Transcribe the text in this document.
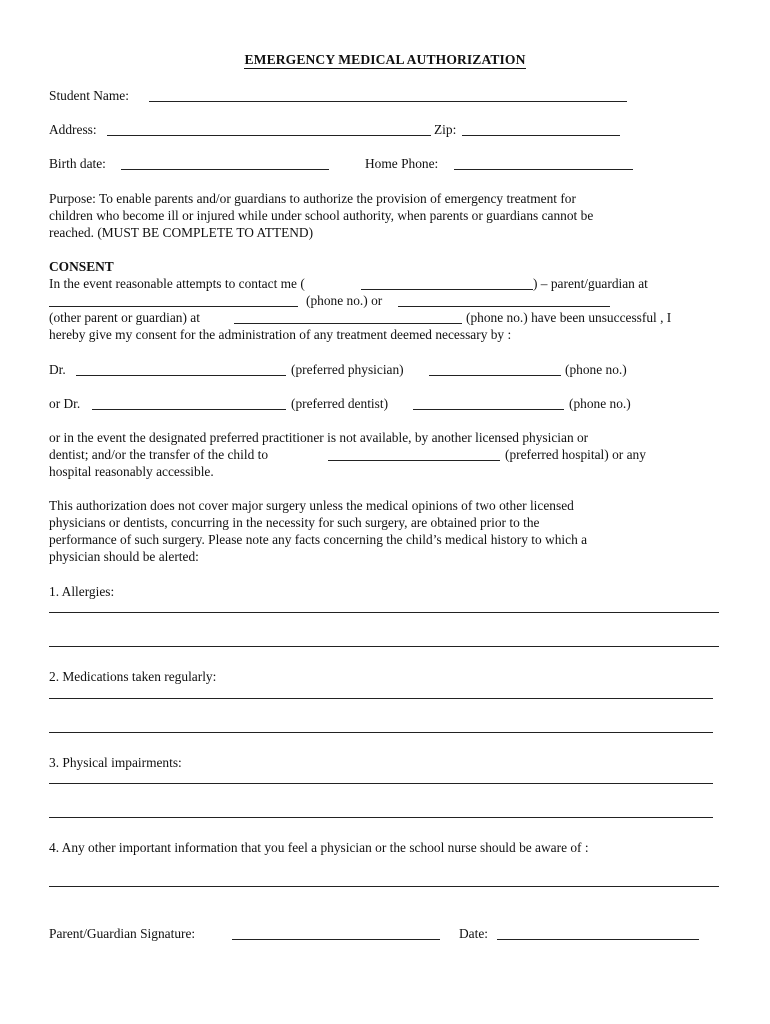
EMERGENCY MEDICAL AUTHORIZATION
Student Name:
Address:	Zip:
Birth date:	Home Phone:
Purpose: To enable parents and/or guardians to authorize the provision of emergency treatment for
children who become ill or injured while under school authority, when parents or guardians cannot be
reached. (MUST BE COMPLETE TO ATTEND)
CONSENT
In the event reasonable attempts to contact me (	) – parent/guardian at
(phone no.) or
(other parent or guardian) at	(phone no.) have been unsuccessful , I
hereby give my consent for the administration of any treatment deemed necessary by :
Dr.	(preferred physician)	(phone no.)
or Dr.	(preferred dentist)	(phone no.)
or in the event the designated preferred practitioner is not available, by another licensed physician or
dentist; and/or the transfer of the child to	(preferred hospital) or any
hospital reasonably accessible.
This authorization does not cover major surgery unless the medical opinions of two other licensed
physicians or dentists, concurring in the necessity for such surgery, are obtained prior to the
performance of such surgery. Please note any facts concerning the child’s medical history to which a
physician should be alerted:
1. Allergies:
2. Medications taken regularly:
3. Physical impairments:
4. Any other important information that you feel a physician or the school nurse should be aware of :
Parent/Guardian Signature:	Date:
